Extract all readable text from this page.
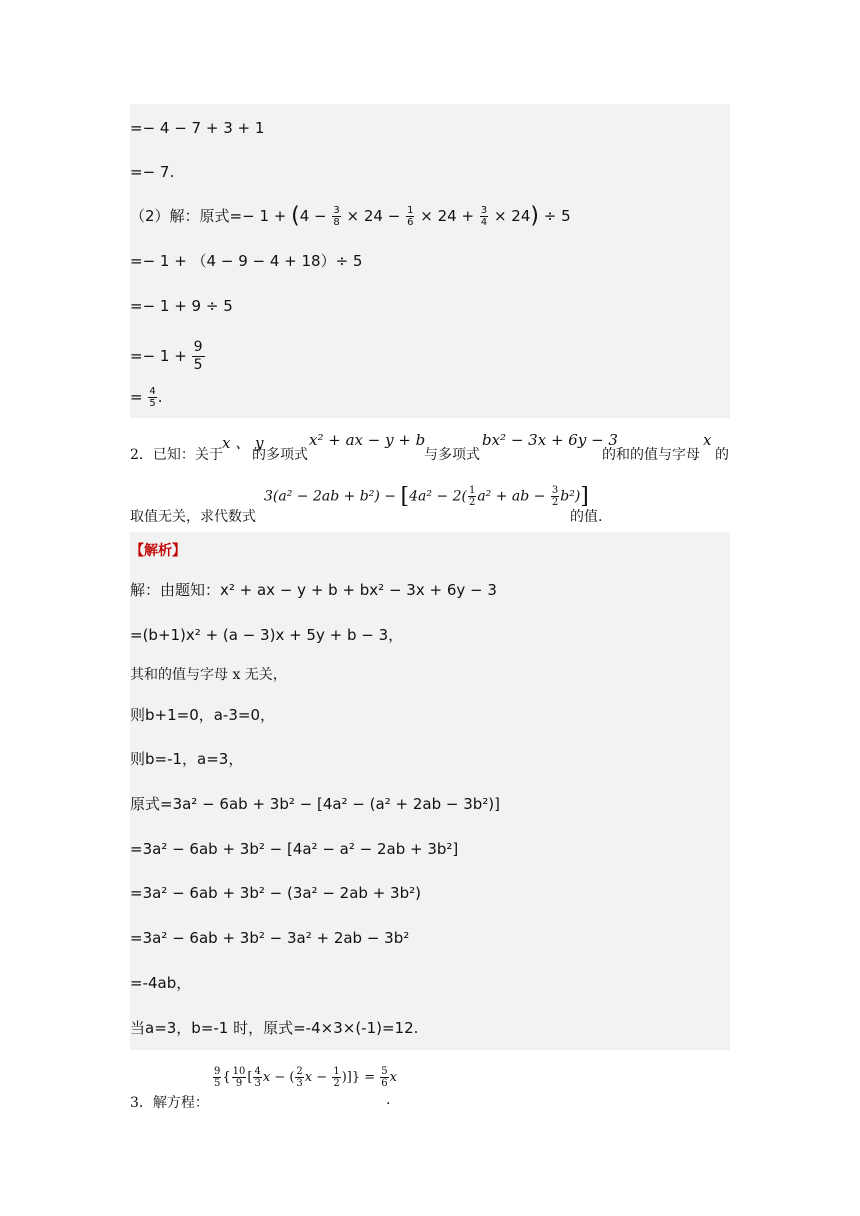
=− 4 − 7 + 3 + 1
=− 7.
（2）解：原式=− $1 + (4 - \frac{3}{8} \times 24 - \frac{1}{6} \times 24 + \frac{3}{4} \times 24) \div 5$
=− 1 + （4 − 9 − 4 + 18）÷ 5
=− 1 + 9 ÷ 5
=− $1 + \frac{9}{5}$
= $\frac{4}{5}$ .
2．已知：关于
x 、 y
的多项式
x² + ax − y + b
与多项式
bx² − 3x + 6y − 3
的和的值与字母
x
的
取值无关，求代数式
$3(a^2 - 2ab + b^2) - [4a^2 - 2( \frac{1}{2} a^2$ + ab − $\frac{3}{2} b^2$)]
的值.
【解析】
解：由题知：x² + ax − y + b + bx² − 3x + 6y − 3
=(b+1)x² + (a − 3)x + 5y + b − 3，
其和的值与字母 x 无关，
则b+1=0，a-3=0，
则b=-1，a=3，
原式=3a² − 6ab + 3b² − [4a² − (a² + 2ab − 3b²)]
=3a² − 6ab + 3b² − [4a² − a² − 2ab + 3b²]
=3a² − 6ab + 3b² − (3a² − 2ab + 3b²)
=3a² − 6ab + 3b² − 3a² + 2ab − 3b²
=-4ab，
当a=3，b=-1 时，原式=-4×3×(-1)=12.
3．解方程：
$\frac{9}{5}$ { $\frac{10}{9}$ [ $\frac{4}{3}$ x − ( $\frac{2}{3}$ $x - \frac{1}{2}$ )]} = $\frac{5}{6}$ x
.
